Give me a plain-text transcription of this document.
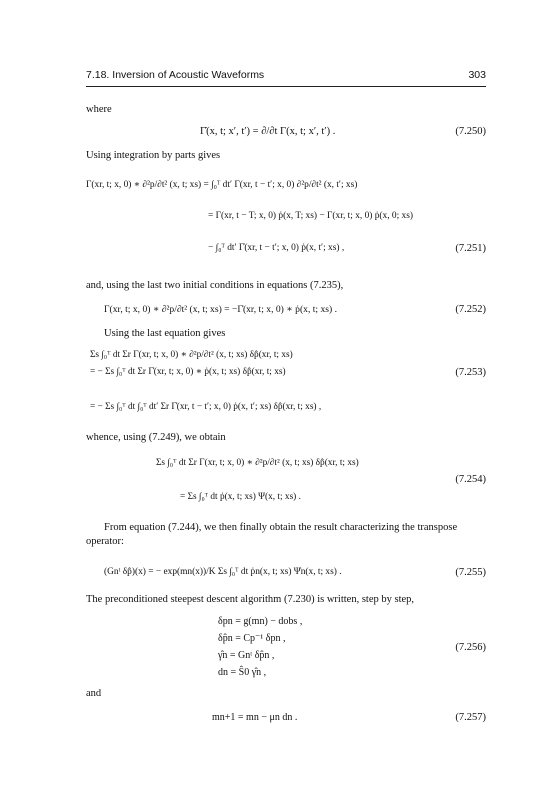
7.18. Inversion of Acoustic Waveforms	303
where
Γ̇(x, t; x′, t′) = ∂/∂t Γ(x, t; x′, t′) .	(7.250)
Using integration by parts gives
Γ(xr, t; x, 0) ∗ ∂²p/∂t² (x, t; xs) = ∫₀ᵀ dt′ Γ(xr, t − t′; x, 0) ∂²p/∂t² (x, t′; xs)
= Γ(xr, t − T; x, 0) ṗ(x, T; xs) − Γ(xr, t; x, 0) ṗ(x, 0; xs)
− ∫₀ᵀ dt′ Γ̇(xr, t − t′; x, 0) ṗ(x, t′; xs) ,	(7.251)
and, using the last two initial conditions in equations (7.235),
Γ(xr, t; x, 0) ∗ ∂²p/∂t² (x, t; xs) = −Γ̇(xr, t; x, 0) ∗ ṗ(x, t; xs) .	(7.252)
Using the last equation gives
Σs ∫₀ᵀ dt Σr Γ(xr, t; x, 0) ∗ ∂²p/∂t² (x, t; xs) δp̂(xr, t; xs)
= − Σs ∫₀ᵀ dt Σr Γ̇(xr, t; x, 0) ∗ ṗ(x, t; xs) δp̂(xr, t; xs)	(7.253)
= − Σs ∫₀ᵀ dt ∫₀ᵀ dt′ Σr Γ̇(xr, t − t′; x, 0) ṗ(x, t′; xs) δp̂(xr, t; xs) ,
whence, using (7.249), we obtain
Σs ∫₀ᵀ dt Σr Γ(xr, t; x, 0) ∗ ∂²p/∂t² (x, t; xs) δp̂(xr, t; xs)
(7.254)
= Σs ∫₀ᵀ dt ṗ(x, t; xs) Ψ(x, t; xs) .
From equation (7.244), we then finally obtain the result characterizing the transpose
operator:
(Gnᵗ δp̂)(x) = − exp(mn(x))/K Σs ∫₀ᵀ dt ṗn(x, t; xs) Ψ̇n(x, t; xs) .	(7.255)
The preconditioned steepest descent algorithm (7.230) is written, step by step,
δpn = g(mn) − dobs ,
δp̂n = Cp⁻¹ δpn ,
(7.256)
γ̂n = Gnᵗ δp̂n ,
dn = Ŝ0 γ̂n ,
and
mn+1 = mn − μn dn .	(7.257)
